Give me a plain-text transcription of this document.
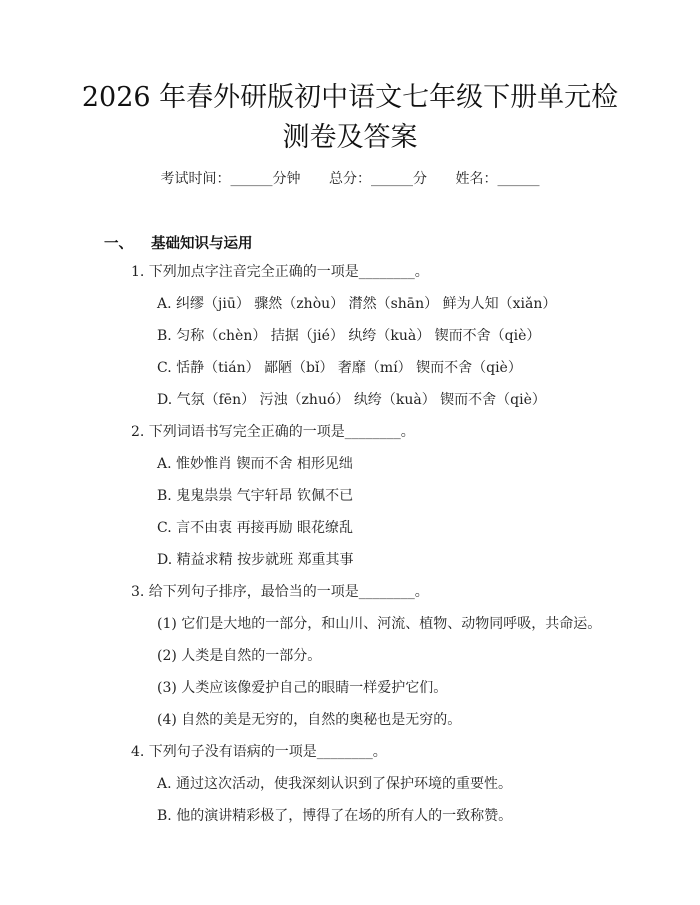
2026 年春外研版初中语文七年级下册单元检
测卷及答案
考试时间：______分钟 总分：______分 姓名：______
一、 基础知识与运用
1. 下列加点字注音完全正确的一项是________。
A. 纠缪（jiū） 骤然（zhòu） 潸然（shān） 鲜为人知（xiǎn）
B. 匀称（chèn） 拮据（jié） 纨绔（kuà） 锲而不舍（qiè）
C. 恬静（tián） 鄙陋（bǐ） 奢靡（mí） 锲而不舍（qiè）
D. 气氛（fēn） 污浊（zhuó） 纨绔（kuà） 锲而不舍（qiè）
2. 下列词语书写完全正确的一项是________。
A. 惟妙惟肖 锲而不舍 相形见绌
B. 鬼鬼祟祟 气宇轩昂 钦佩不已
C. 言不由衷 再接再励 眼花缭乱
D. 精益求精 按步就班 郑重其事
3. 给下列句子排序，最恰当的一项是________。
(1) 它们是大地的一部分，和山川、河流、植物、动物同呼吸，共命运。
(2) 人类是自然的一部分。
(3) 人类应该像爱护自己的眼睛一样爱护它们。
(4) 自然的美是无穷的，自然的奥秘也是无穷的。
4. 下列句子没有语病的一项是________。
A. 通过这次活动，使我深刻认识到了保护环境的重要性。
B. 他的演讲精彩极了，博得了在场的所有人的一致称赞。
